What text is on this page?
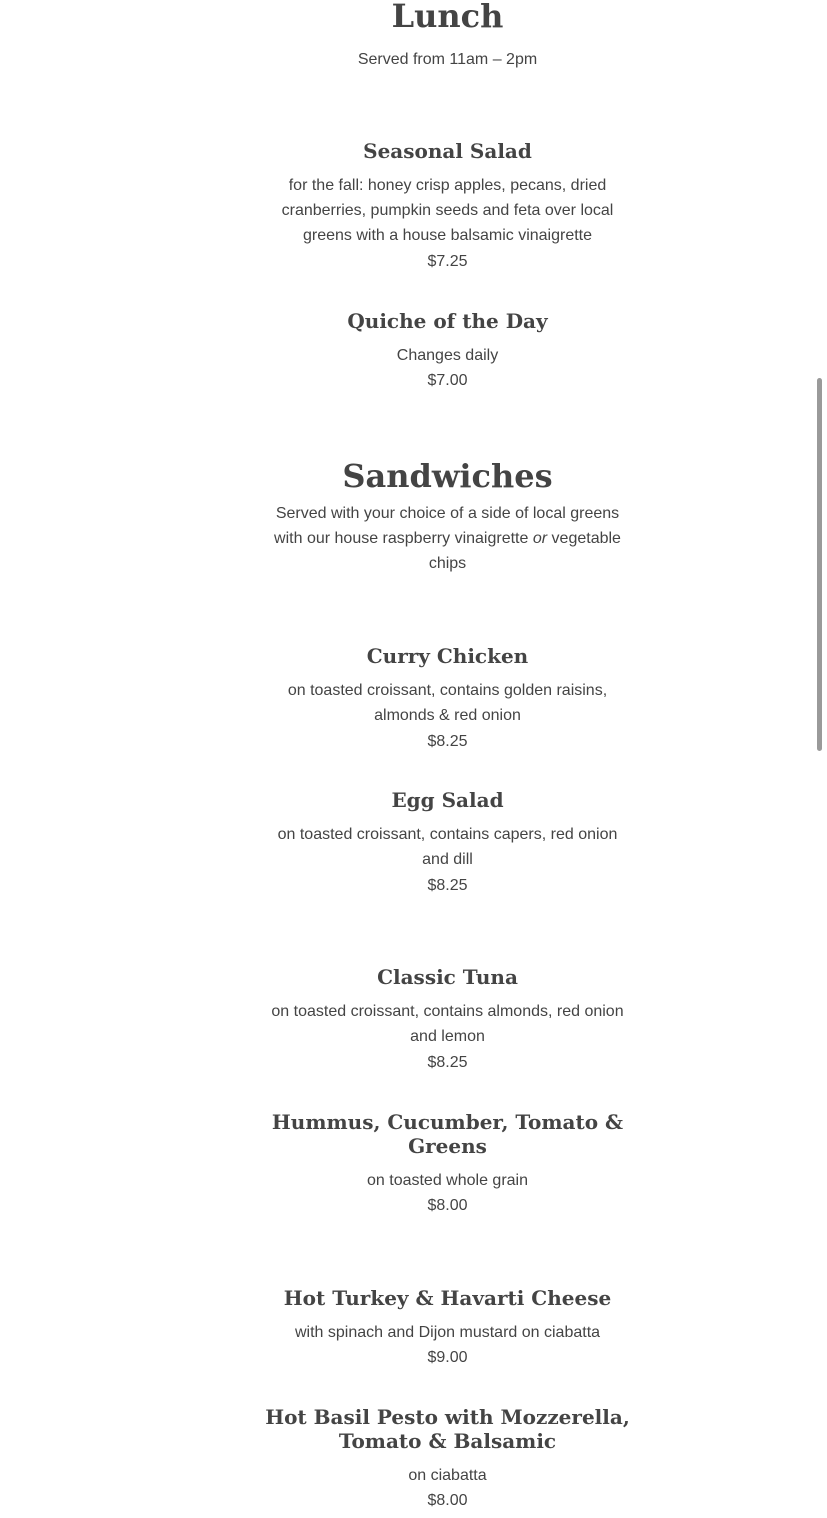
Lunch

Served from 11am – 2pm

Seasonal Salad

for the fall: honey crisp apples, pecans, dried cranberries, pumpkin seeds and feta over local greens with a house balsamic vinaigrette

$7.25

Quiche of the Day

Changes daily

$7.00

Sandwiches

Served with your choice of a side of local greens with our house raspberry vinaigrette or vegetable chips

Curry Chicken

on toasted croissant, contains golden raisins, almonds & red onion

$8.25

Egg Salad

on toasted croissant, contains capers, red onion and dill

$8.25

Classic Tuna

on toasted croissant, contains almonds, red onion and lemon

$8.25

Hummus, Cucumber, Tomato & Greens

on toasted whole grain

$8.00

Hot Turkey & Havarti Cheese

with spinach and Dijon mustard on ciabatta

$9.00

Hot Basil Pesto with Mozzerella, Tomato & Balsamic

on ciabatta

$8.00
